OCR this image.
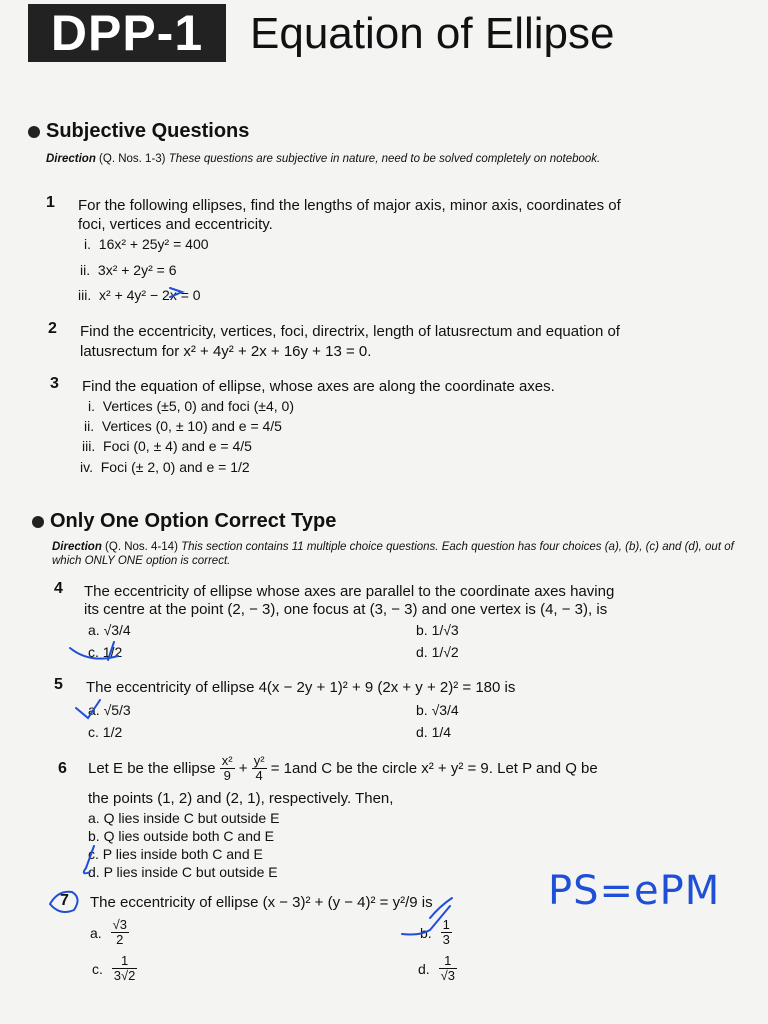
DPP-1	Equation of Ellipse
Subjective Questions
Direction (Q. Nos. 1-3) These questions are subjective in nature, need to be solved completely on notebook.
1 For the following ellipses, find the lengths of major axis, minor axis, coordinates of
foci, vertices and eccentricity.
i. 16x² + 25y² = 400
ii. 3x² + 2y² = 6
iii. x² + 4y² − 2x = 0
2 Find the eccentricity, vertices, foci, directrix, length of latusrectum and equation of
latusrectum for x² + 4y² + 2x + 16y + 13 = 0.
3 Find the equation of ellipse, whose axes are along the coordinate axes.
i. Vertices (±5, 0) and foci (±4, 0)
ii. Vertices (0, ± 10) and e = 4/5
iii. Foci (0, ± 4) and e = 4/5
iv. Foci (± 2, 0) and e = 1/2
Only One Option Correct Type
Direction (Q. Nos. 4-14) This section contains 11 multiple choice questions. Each question has four choices (a), (b), (c) and (d), out of which ONLY ONE option is correct.
4 The eccentricity of ellipse whose axes are parallel to the coordinate axes having
its centre at the point (2, − 3), one focus at (3, − 3) and one vertex is (4, − 3), is
a. √3/4	b. 1/√3
c. 1/2	d. 1/√2
5 The eccentricity of ellipse 4(x − 2y + 1)² + 9 (2x + y + 2)² = 180 is
a. √5/3	b. √3/4
c. 1/2	d. 1/4
6 Let E be the ellipse
$\frac{\text{x²}}{9}$
+
$\frac{\text{y²}}{4}$
= 1and C be the circle x² + y² = 9. Let P and Q be
the points (1, 2) and (2, 1), respectively. Then,
a. Q lies inside C but outside E
b. Q lies outside both C and E
c. P lies inside both C and E
d. P lies inside C but outside E
7 The eccentricity of ellipse (x − 3)² + (y − 4)² = y²/9 is
a.
$\frac{√3}{2}$	b.
$\frac{1}{3}$
c.
$\frac{1}{3√2}$	d.
$\frac{1}{√3}$
PS=ePM
